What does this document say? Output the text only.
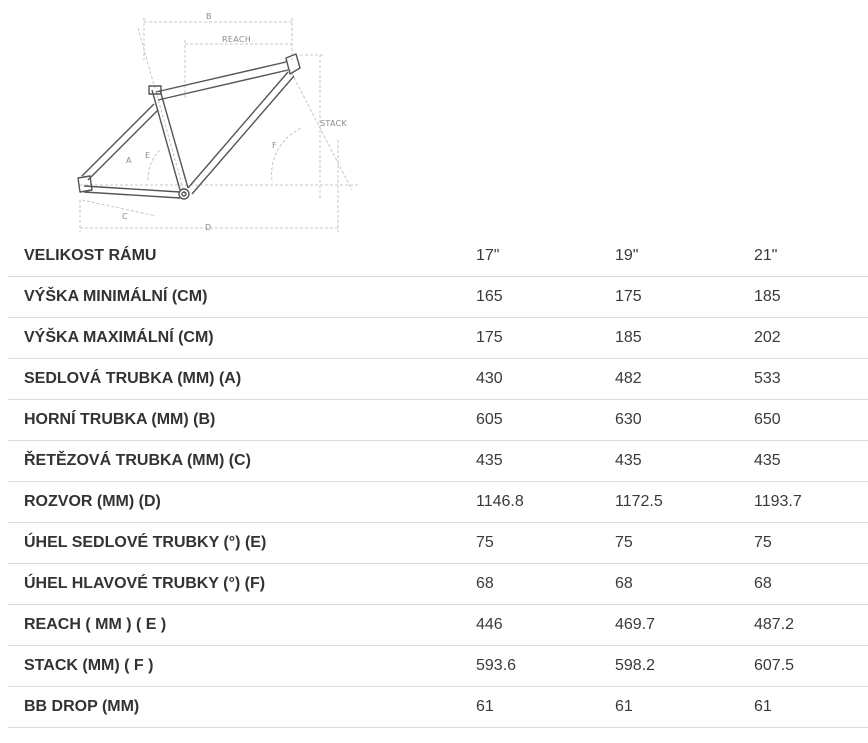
B
REACH
STACK
A
E
F
C
D
VELIKOST RÁMU	17"	19"	21"
VÝŠKA MINIMÁLNÍ (CM)	165	175	185
VÝŠKA MAXIMÁLNÍ (CM)	175	185	202
SEDLOVÁ TRUBKA (MM) (A)	430	482	533
HORNÍ TRUBKA (MM) (B)	605	630	650
ŘETĚZOVÁ TRUBKA (MM) (C)	435	435	435
ROZVOR (MM) (D)	1146.8	1172.5	1193.7
ÚHEL SEDLOVÉ TRUBKY (°) (E)	75	75	75
ÚHEL HLAVOVÉ TRUBKY (°) (F)	68	68	68
REACH ( MM ) ( E )	446	469.7	487.2
STACK (MM) ( F )	593.6	598.2	607.5
BB DROP (MM)	61	61	61
